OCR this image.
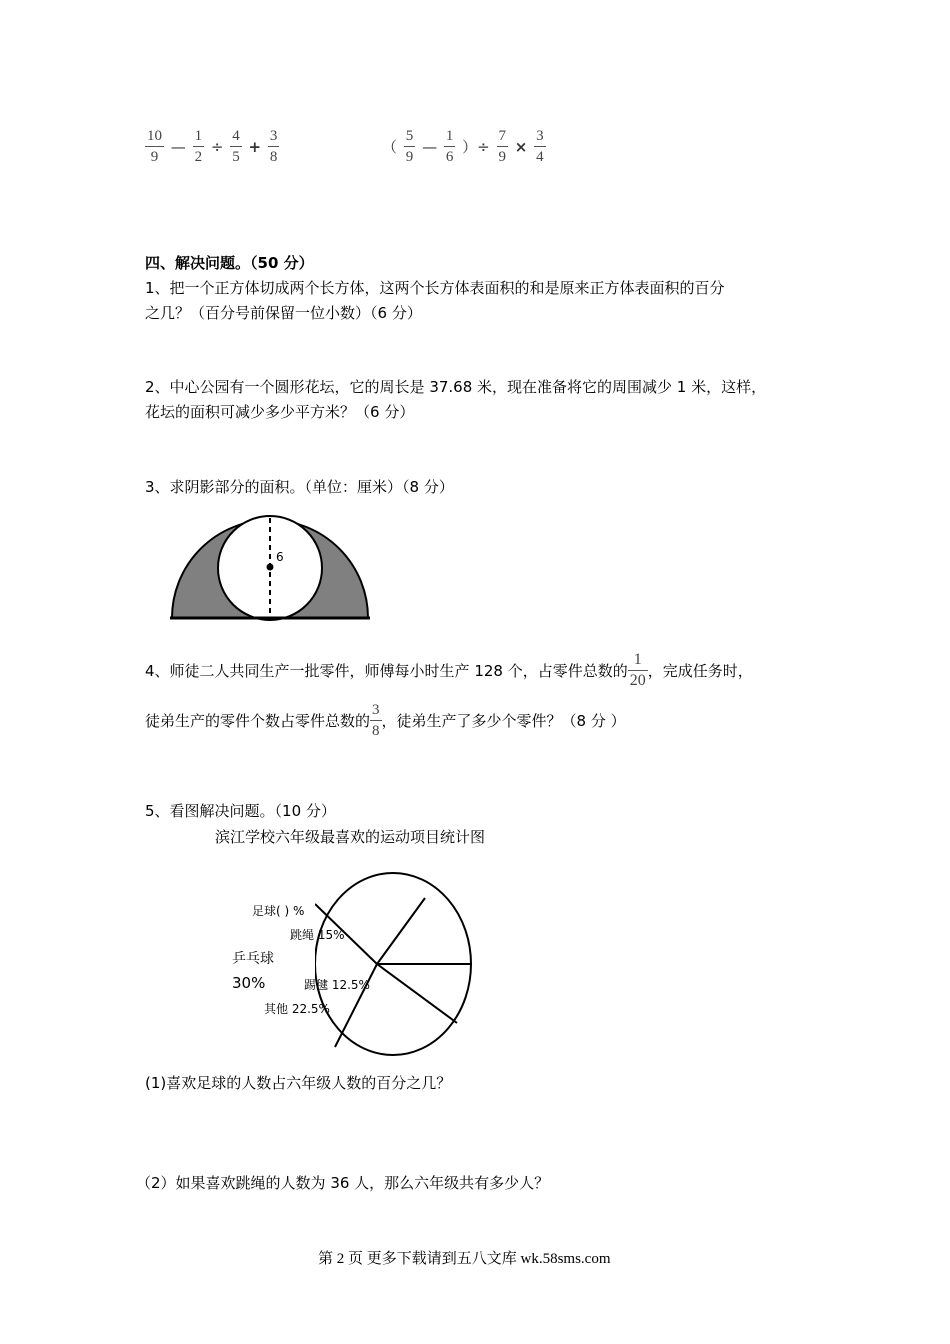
$\frac{10}{9}$ — $\frac{1}{2} \div \frac{4}{5} + \frac{3}{8}$	（ $\frac{5}{9}$ — $\frac{1}{6}$ ）÷ $\frac{7}{9} \times \frac{3}{4}$
四、解决问题。（50 分）
1、把一个正方体切成两个长方体，这两个长方体表面积的和是原来正方体表面积的百分
之几？（百分号前保留一位小数）（6 分）
2、中心公园有一个圆形花坛，它的周长是 37.68 米，现在准备将它的周围减少 1 米，这样，
花坛的面积可减少多少平方米？（6 分）
3、求阴影部分的面积。（单位：厘米）（8 分）
6
4、师徒二人共同生产一批零件，师傅每小时生产 128 个，占零件总数的 $\frac{1}{20}$ ，完成任务时，
徒弟生产的零件个数占零件总数的 $\frac{3}{8}$ ，徒弟生产了多少个零件？（8 分 ）
5、看图解决问题。（10 分）
滨江学校六年级最喜欢的运动项目统计图
足球( ) %
跳绳 15%
乒乓球
30%	踢毽 12.5%
其他 22.5%
(1)喜欢足球的人数占六年级人数的百分之几？
（2）如果喜欢跳绳的人数为 36 人，那么六年级共有多少人？
第 2 页 更多下载请到五八文库 wk.58sms.com
